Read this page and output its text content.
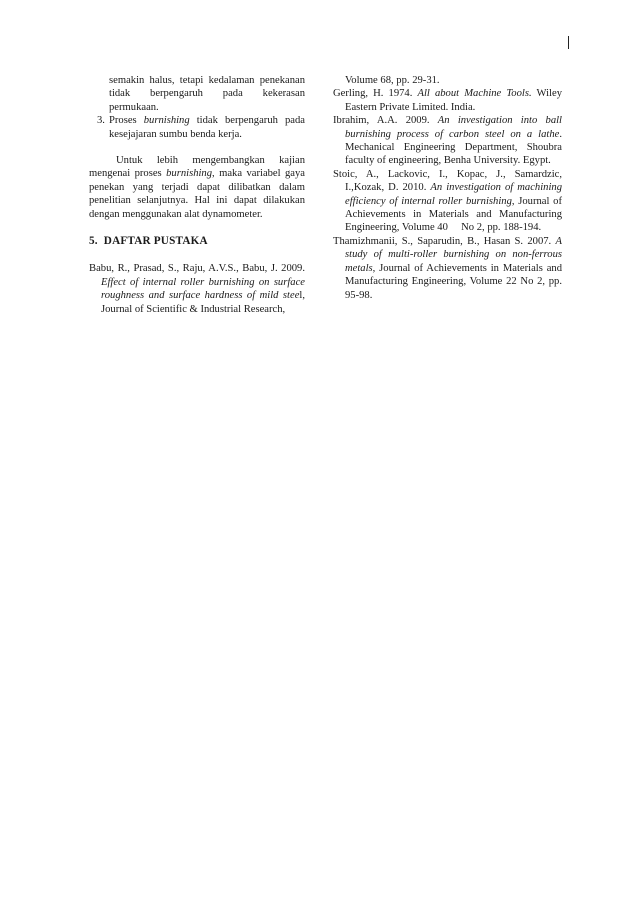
semakin halus, tetapi kedalaman penekanan tidak berpengaruh pada kekerasan permukaan.
3. Proses burnishing tidak berpengaruh pada kesejajaran sumbu benda kerja.
Untuk lebih mengembangkan kajian mengenai proses burnishing, maka variabel gaya penekan yang terjadi dapat dilibatkan dalam penelitian selanjutnya. Hal ini dapat dilakukan dengan menggunakan alat dynamometer.
5.  DAFTAR PUSTAKA
Babu, R., Prasad, S., Raju, A.V.S., Babu, J. 2009. Effect of internal roller burnishing on surface roughness and surface hardness of mild steel, Journal of Scientific & Industrial Research,
Volume 68, pp. 29-31.
Gerling, H. 1974. All about Machine Tools. Wiley Eastern Private Limited. India.
Ibrahim, A.A. 2009. An investigation into ball burnishing process of carbon steel on a lathe. Mechanical Engineering Department, Shoubra faculty of engineering, Benha University. Egypt.
Stoic, A., Lackovic, I., Kopac, J., Samardzic, I.,Kozak, D. 2010. An investigation of machining efficiency of internal roller burnishing, Journal of Achievements in Materials and Manufacturing Engineering, Volume 40     No 2, pp. 188-194.
Thamizhmanii, S., Saparudin, B., Hasan S. 2007. A study of multi-roller burnishing on non-ferrous metals, Journal of Achievements in Materials and Manufacturing Engineering, Volume 22 No 2, pp. 95-98.
